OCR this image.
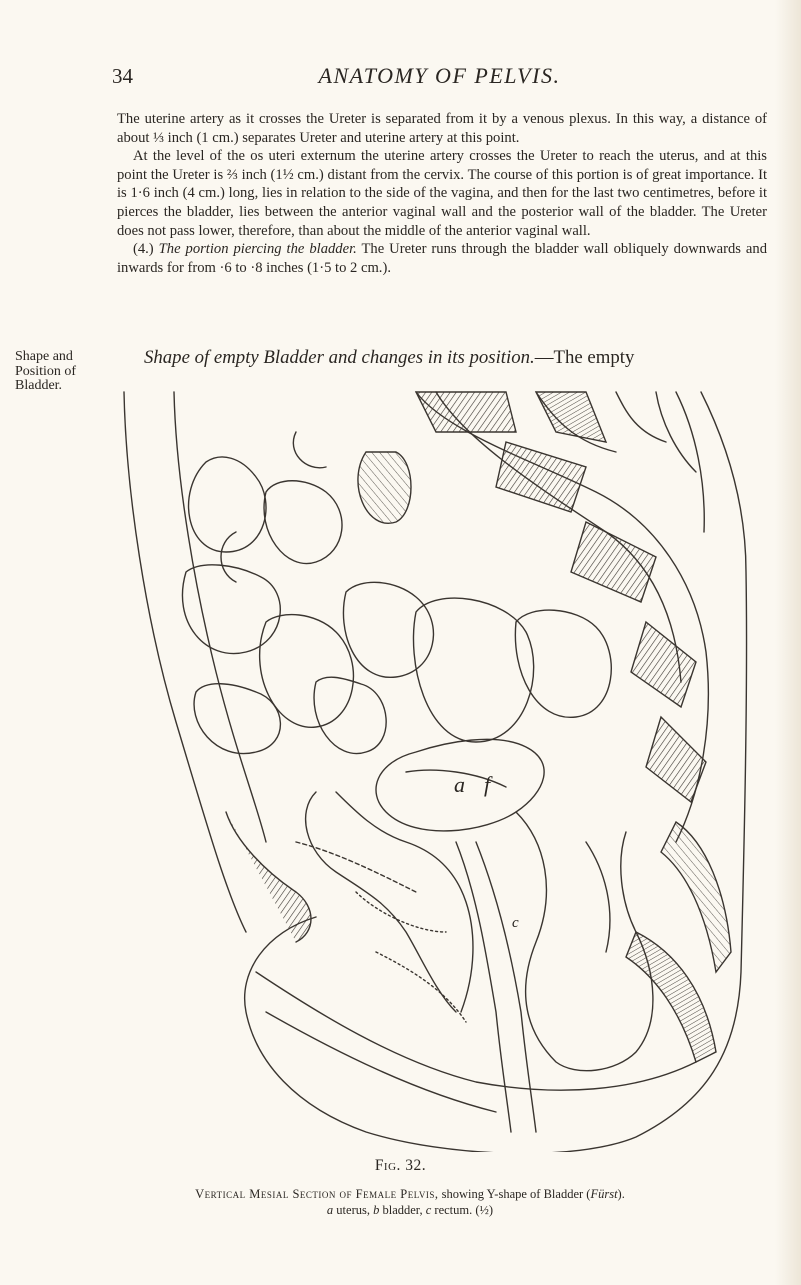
34	ANATOMY OF PELVIS.

The uterine artery as it crosses the Ureter is separated from it by a venous plexus. In this way, a distance of about ⅓ inch (1 cm.) separates Ureter and uterine artery at this point.

At the level of the os uteri externum the uterine artery crosses the Ureter to reach the uterus, and at this point the Ureter is ⅔ inch (1½ cm.) distant from the cervix. The course of this portion is of great importance. It is 1·6 inch (4 cm.) long, lies in relation to the side of the vagina, and then for the last two centimetres, before it pierces the bladder, lies between the anterior vaginal wall and the posterior wall of the bladder. The Ureter does not pass lower, therefore, than about the middle of the anterior vaginal wall.

(4.) The portion piercing the bladder. The Ureter runs through the bladder wall obliquely downwards and inwards for from ·6 to ·8 inches (1·5 to 2 cm.).

Shape and
Position of
Bladder.
Shape of empty Bladder and changes in its position.—The empty
a f
c
Fig. 32.
Vertical Mesial Section of Female Pelvis, showing Y-shape of Bladder (Fürst).
a uterus, b bladder, c rectum. (½)
